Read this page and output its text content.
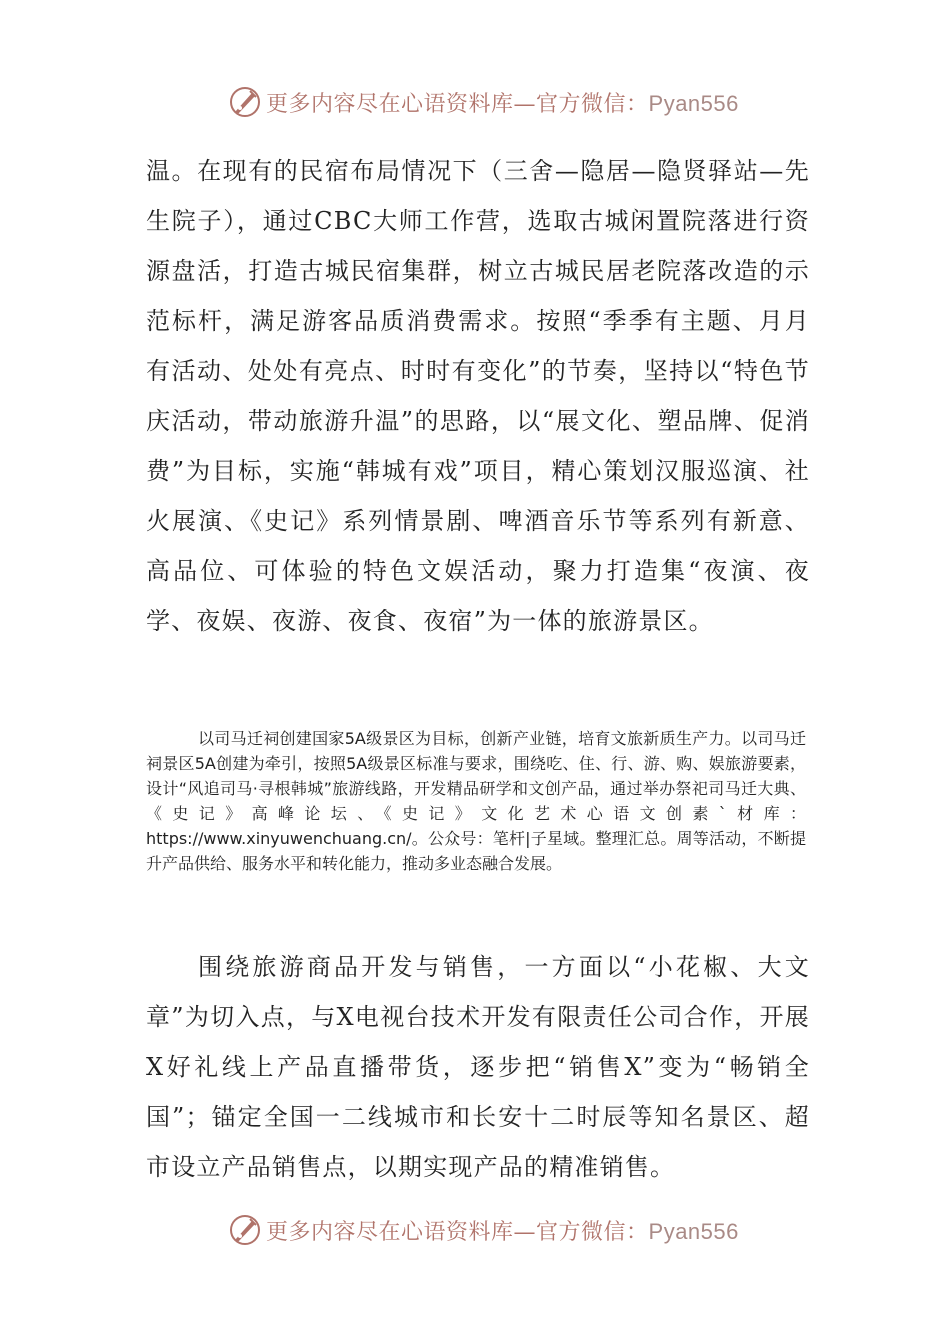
更多内容尽在心语资料库—官方微信：Pyan556

温。在现有的民宿布局情况下（三舍—隐居—隐贤驿站—先生院子），通过CBC大师工作营，选取古城闲置院落进行资源盘活，打造古城民宿集群，树立古城民居老院落改造的示范标杆，满足游客品质消费需求。按照“季季有主题、月月有活动、处处有亮点、时时有变化”的节奏，坚持以“特色节庆活动，带动旅游升温”的思路，以“展文化、塑品牌、促消费”为目标，实施“韩城有戏”项目，精心策划汉服巡演、社火展演、《史记》系列情景剧、啤酒音乐节等系列有新意、高品位、可体验的特色文娱活动，聚力打造集“夜演、夜学、夜娱、夜游、夜食、夜宿”为一体的旅游景区。

以司马迁祠创建国家5A级景区为目标，创新产业链，培育文旅新质生产力。以司马迁祠景区5A创建为牵引，按照5A级景区标准与要求，围绕吃、住、行、游、购、娱旅游要素，设计“风追司马·寻根韩城”旅游线路，开发精品研学和文创产品，通过举办祭祀司马迁大典、《史记》高峰论坛、《史记》文化艺术心语文创素`材库：https://www.xinyuwenchuang.cn/。公众号：笔杆|子星域。整理汇总。周等活动，不断提升产品供给、服务水平和转化能力，推动多业态融合发展。

围绕旅游商品开发与销售，一方面以“小花椒、大文章”为切入点，与X电视台技术开发有限责任公司合作，开展X好礼线上产品直播带货，逐步把“销售X”变为“畅销全国”；锚定全国一二线城市和长安十二时辰等知名景区、超市设立产品销售点，以期实现产品的精准销售。

更多内容尽在心语资料库—官方微信：Pyan556
